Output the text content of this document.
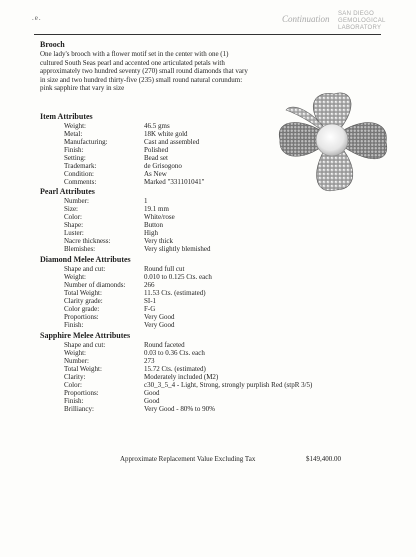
.e.	Continuation SAN DIEGO
GEMOLOGICAL
LABORATORY
Brooch
One lady's brooch with a flower motif set in the center with one (1) cultured South Seas pearl and accented one articulated petals with approximately two hundred seventy (270) small round diamonds that vary in size and two hundred thirty-five (235) small round natural corundum: pink sapphire that vary in size
Item Attributes
Weight:	46.5 gms
Metal:	18K white gold
Manufacturing:	Cast and assembled
Finish:	Polished
Setting:	Bead set
Trademark:	de Grisogono
Condition:	As New
Comments:	Marked "331101041"
Pearl Attributes
Number:	1
Size:	19.1 mm
Color:	White/rose
Shape:	Button
Luster:	High
Nacre thickness:	Very thick
Blemishes:	Very slightly blemished
Diamond Melee Attributes
Shape and cut:	Round full cut
Weight:	0.010 to 0.125 Cts. each
Number of diamonds:	266
Total Weight:	11.53 Cts. (estimated)
Clarity grade:	SI-1
Color grade:	F-G
Proportions:	Very Good
Finish:	Very Good
Sapphire Melee Attributes
Shape and cut:	Round faceted
Weight:	0.03 to 0.36 Cts. each
Number:	273
Total Weight:	15.72 Cts. (estimated)
Clarity:	Moderately included (M2)
Color:	c30_3_5_4 - Light, Strong, strongly purplish Red (stpR 3/5)
Proportions:	Good
Finish:	Good
Brilliancy:	Very Good - 80% to 90%
Approximate Replacement Value Excluding Tax	$149,400.00
